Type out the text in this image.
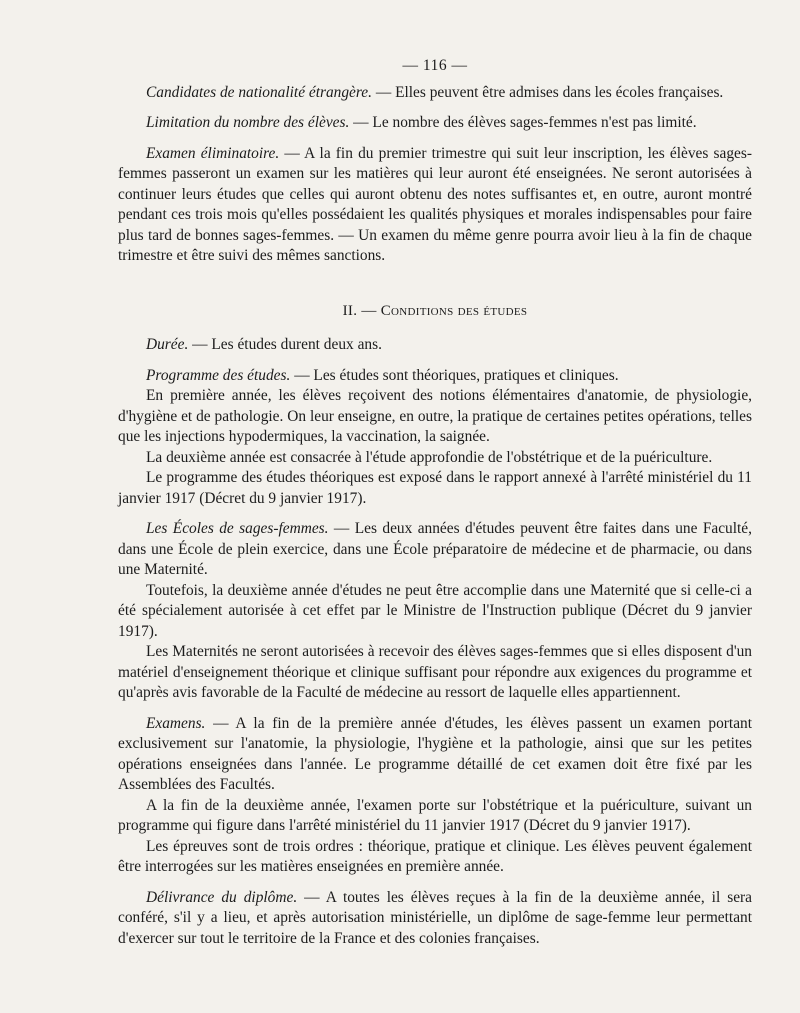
— 116 —

Candidates de nationalité étrangère. — Elles peuvent être admises dans les écoles françaises.

Limitation du nombre des élèves. — Le nombre des élèves sages-femmes n'est pas limité.

Examen éliminatoire. — A la fin du premier trimestre qui suit leur inscription, les élèves sages-femmes passeront un examen sur les matières qui leur auront été enseignées. Ne seront autorisées à continuer leurs études que celles qui auront obtenu des notes suffisantes et, en outre, auront montré pendant ces trois mois qu'elles possédaient les qualités physiques et morales indispensables pour faire plus tard de bonnes sages-femmes. — Un examen du même genre pourra avoir lieu à la fin de chaque trimestre et être suivi des mêmes sanctions.

II. — Conditions des études

Durée. — Les études durent deux ans.

Programme des études. — Les études sont théoriques, pratiques et cliniques.

En première année, les élèves reçoivent des notions élémentaires d'anatomie, de physiologie, d'hygiène et de pathologie. On leur enseigne, en outre, la pratique de certaines petites opérations, telles que les injections hypodermiques, la vaccination, la saignée.

La deuxième année est consacrée à l'étude approfondie de l'obstétrique et de la puériculture.

Le programme des études théoriques est exposé dans le rapport annexé à l'arrêté ministériel du 11 janvier 1917 (Décret du 9 janvier 1917).

Les Écoles de sages-femmes. — Les deux années d'études peuvent être faites dans une Faculté, dans une École de plein exercice, dans une École préparatoire de médecine et de pharmacie, ou dans une Maternité.

Toutefois, la deuxième année d'études ne peut être accomplie dans une Maternité que si celle-ci a été spécialement autorisée à cet effet par le Ministre de l'Instruction publique (Décret du 9 janvier 1917).

Les Maternités ne seront autorisées à recevoir des élèves sages-femmes que si elles disposent d'un matériel d'enseignement théorique et clinique suffisant pour répondre aux exigences du programme et qu'après avis favorable de la Faculté de médecine au ressort de laquelle elles appartiennent.

Examens. — A la fin de la première année d'études, les élèves passent un examen portant exclusivement sur l'anatomie, la physiologie, l'hygiène et la pathologie, ainsi que sur les petites opérations enseignées dans l'année. Le programme détaillé de cet examen doit être fixé par les Assemblées des Facultés.

A la fin de la deuxième année, l'examen porte sur l'obstétrique et la puériculture, suivant un programme qui figure dans l'arrêté ministériel du 11 janvier 1917 (Décret du 9 janvier 1917).

Les épreuves sont de trois ordres : théorique, pratique et clinique. Les élèves peuvent également être interrogées sur les matières enseignées en première année.

Délivrance du diplôme. — A toutes les élèves reçues à la fin de la deuxième année, il sera conféré, s'il y a lieu, et après autorisation ministérielle, un diplôme de sage-femme leur permettant d'exercer sur tout le territoire de la France et des colonies françaises.
